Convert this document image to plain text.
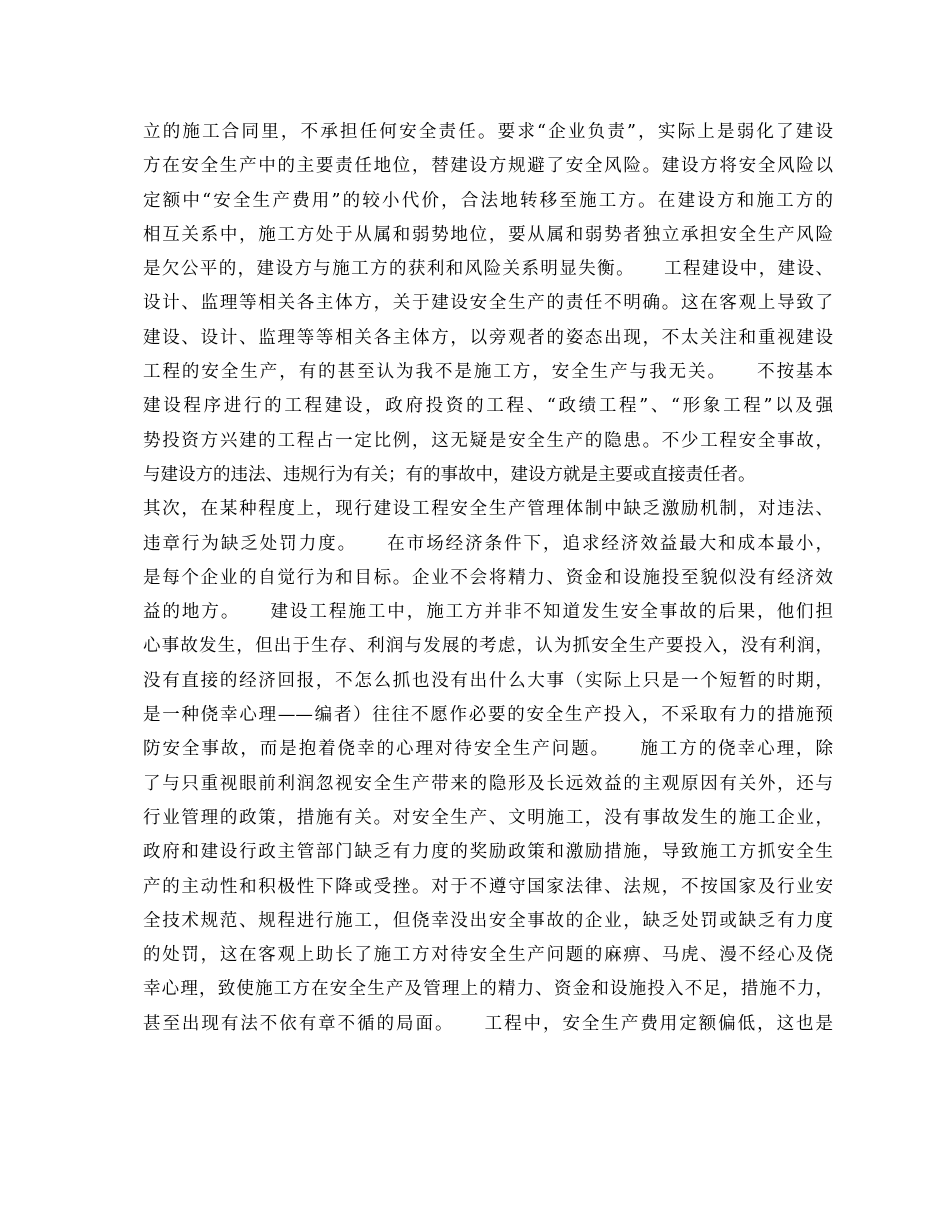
立的施工合同里，不承担任何安全责任。要求“企业负责”，实际上是弱化了建设
方在安全生产中的主要责任地位，替建设方规避了安全风险。建设方将安全风险以
定额中“安全生产费用”的较小代价，合法地转移至施工方。在建设方和施工方的
相互关系中，施工方处于从属和弱势地位，要从属和弱势者独立承担安全生产风险
是欠公平的，建设方与施工方的获利和风险关系明显失衡。　　工程建设中，建设、
设计、监理等相关各主体方，关于建设安全生产的责任不明确。这在客观上导致了
建设、设计、监理等等相关各主体方，以旁观者的姿态出现，不太关注和重视建设
工程的安全生产，有的甚至认为我不是施工方，安全生产与我无关。　　不按基本
建设程序进行的工程建设，政府投资的工程、“政绩工程”、“形象工程”以及强
势投资方兴建的工程占一定比例，这无疑是安全生产的隐患。不少工程安全事故，
与建设方的违法、违规行为有关；有的事故中，建设方就是主要或直接责任者。
其次，在某种程度上，现行建设工程安全生产管理体制中缺乏激励机制，对违法、
违章行为缺乏处罚力度。　　在市场经济条件下，追求经济效益最大和成本最小，
是每个企业的自觉行为和目标。企业不会将精力、资金和设施投至貌似没有经济效
益的地方。　　建设工程施工中，施工方并非不知道发生安全事故的后果，他们担
心事故发生，但出于生存、利润与发展的考虑，认为抓安全生产要投入，没有利润，
没有直接的经济回报，不怎么抓也没有出什么大事（实际上只是一个短暂的时期，
是一种侥幸心理——编者）往往不愿作必要的安全生产投入，不采取有力的措施预
防安全事故，而是抱着侥幸的心理对待安全生产问题。　　施工方的侥幸心理，除
了与只重视眼前利润忽视安全生产带来的隐形及长远效益的主观原因有关外，还与
行业管理的政策，措施有关。对安全生产、文明施工，没有事故发生的施工企业，
政府和建设行政主管部门缺乏有力度的奖励政策和激励措施，导致施工方抓安全生
产的主动性和积极性下降或受挫。对于不遵守国家法律、法规，不按国家及行业安
全技术规范、规程进行施工，但侥幸没出安全事故的企业，缺乏处罚或缺乏有力度
的处罚，这在客观上助长了施工方对待安全生产问题的麻痹、马虎、漫不经心及侥
幸心理，致使施工方在安全生产及管理上的精力、资金和设施投入不足，措施不力，
甚至出现有法不依有章不循的局面。　　工程中，安全生产费用定额偏低，这也是
